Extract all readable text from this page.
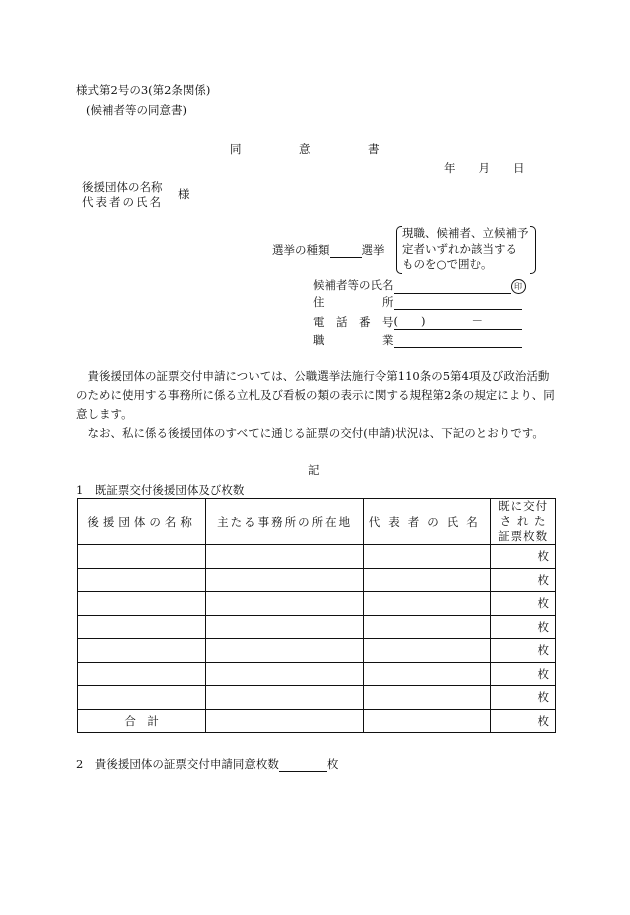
様式第2号の3(第2条関係)
(候補者等の同意書)
同　　　　　意　　　　　書
年　　月　　日
後援団体の名称
代表者の氏名
様
選挙の種類	選挙
現職、候補者、立候補予
定者いずれか該当する
ものを○で囲む。
候補者等の氏名	印
住　　　　　所
電　話　番　号(　　)　　　　－
職　　　　　業
　貴後援団体の証票交付申請については、公職選挙法施行令第110条の5第4項及び政治活動のために使用する事務所に係る立札及び看板の類の表示に関する規程第2条の規定により、同意します。
　なお、私に係る後援団体のすべてに通じる証票の交付(申請)状況は、下記のとおりです。
記
1　既証票交付後援団体及び枚数
後援団体の名称	主たる事務所の所在地	代表者の氏名	既に交付
さ れ た
証票枚数

			枚
			枚
			枚
			枚
			枚
			枚
			枚
合　計			枚
2　貴後援団体の証票交付申請同意枚数	枚
